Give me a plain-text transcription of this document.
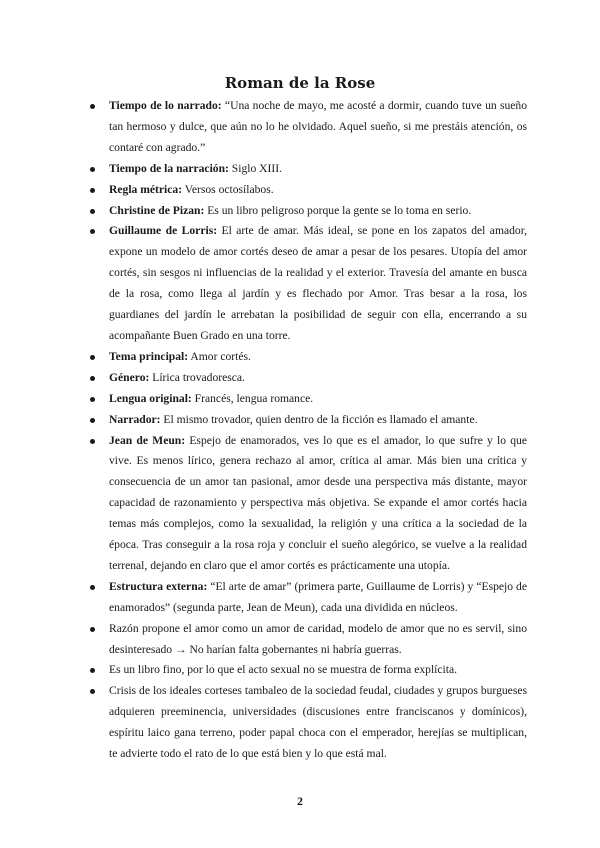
Roman de la Rose
Tiempo de lo narrado: “Una noche de mayo, me acosté a dormir, cuando tuve un sueño tan hermoso y dulce, que aún no lo he olvidado. Aquel sueño, si me prestáis atención, os contaré con agrado.”
Tiempo de la narración: Siglo XIII.
Regla métrica: Versos octosílabos.
Christine de Pizan: Es un libro peligroso porque la gente se lo toma en serio.
Guillaume de Lorris: El arte de amar. Más ideal, se pone en los zapatos del amador, expone un modelo de amor cortés deseo de amar a pesar de los pesares. Utopía del amor cortés, sin sesgos ni influencias de la realidad y el exterior. Travesía del amante en busca de la rosa, como llega al jardín y es flechado por Amor. Tras besar a la rosa, los guardianes del jardín le arrebatan la posibilidad de seguir con ella, encerrando a su acompañante Buen Grado en una torre.
Tema principal: Amor cortés.
Género: Lírica trovadoresca.
Lengua original: Francés, lengua romance.
Narrador: El mismo trovador, quien dentro de la ficción es llamado el amante.
Jean de Meun: Espejo de enamorados, ves lo que es el amador, lo que sufre y lo que vive. Es menos lírico, genera rechazo al amor, crítica al amar. Más bien una crítica y consecuencia de un amor tan pasional, amor desde una perspectiva más distante, mayor capacidad de razonamiento y perspectiva más objetiva. Se expande el amor cortés hacia temas más complejos, como la sexualidad, la religión y una crítica a la sociedad de la época. Tras conseguir a la rosa roja y concluir el sueño alegórico, se vuelve a la realidad terrenal, dejando en claro que el amor cortés es prácticamente una utopía.
Estructura externa: “El arte de amar” (primera parte, Guillaume de Lorris) y “Espejo de enamorados” (segunda parte, Jean de Meun), cada una dividida en núcleos.
Razón propone el amor como un amor de caridad, modelo de amor que no es servil, sino desinteresado → No harían falta gobernantes ni habría guerras.
Es un libro fino, por lo que el acto sexual no se muestra de forma explícita.
Crisis de los ideales corteses tambaleo de la sociedad feudal, ciudades y grupos burgueses adquieren preeminencia, universidades (discusiones entre franciscanos y domínicos), espíritu laico gana terreno, poder papal choca con el emperador, herejías se multiplican, te advierte todo el rato de lo que está bien y lo que está mal.
2
